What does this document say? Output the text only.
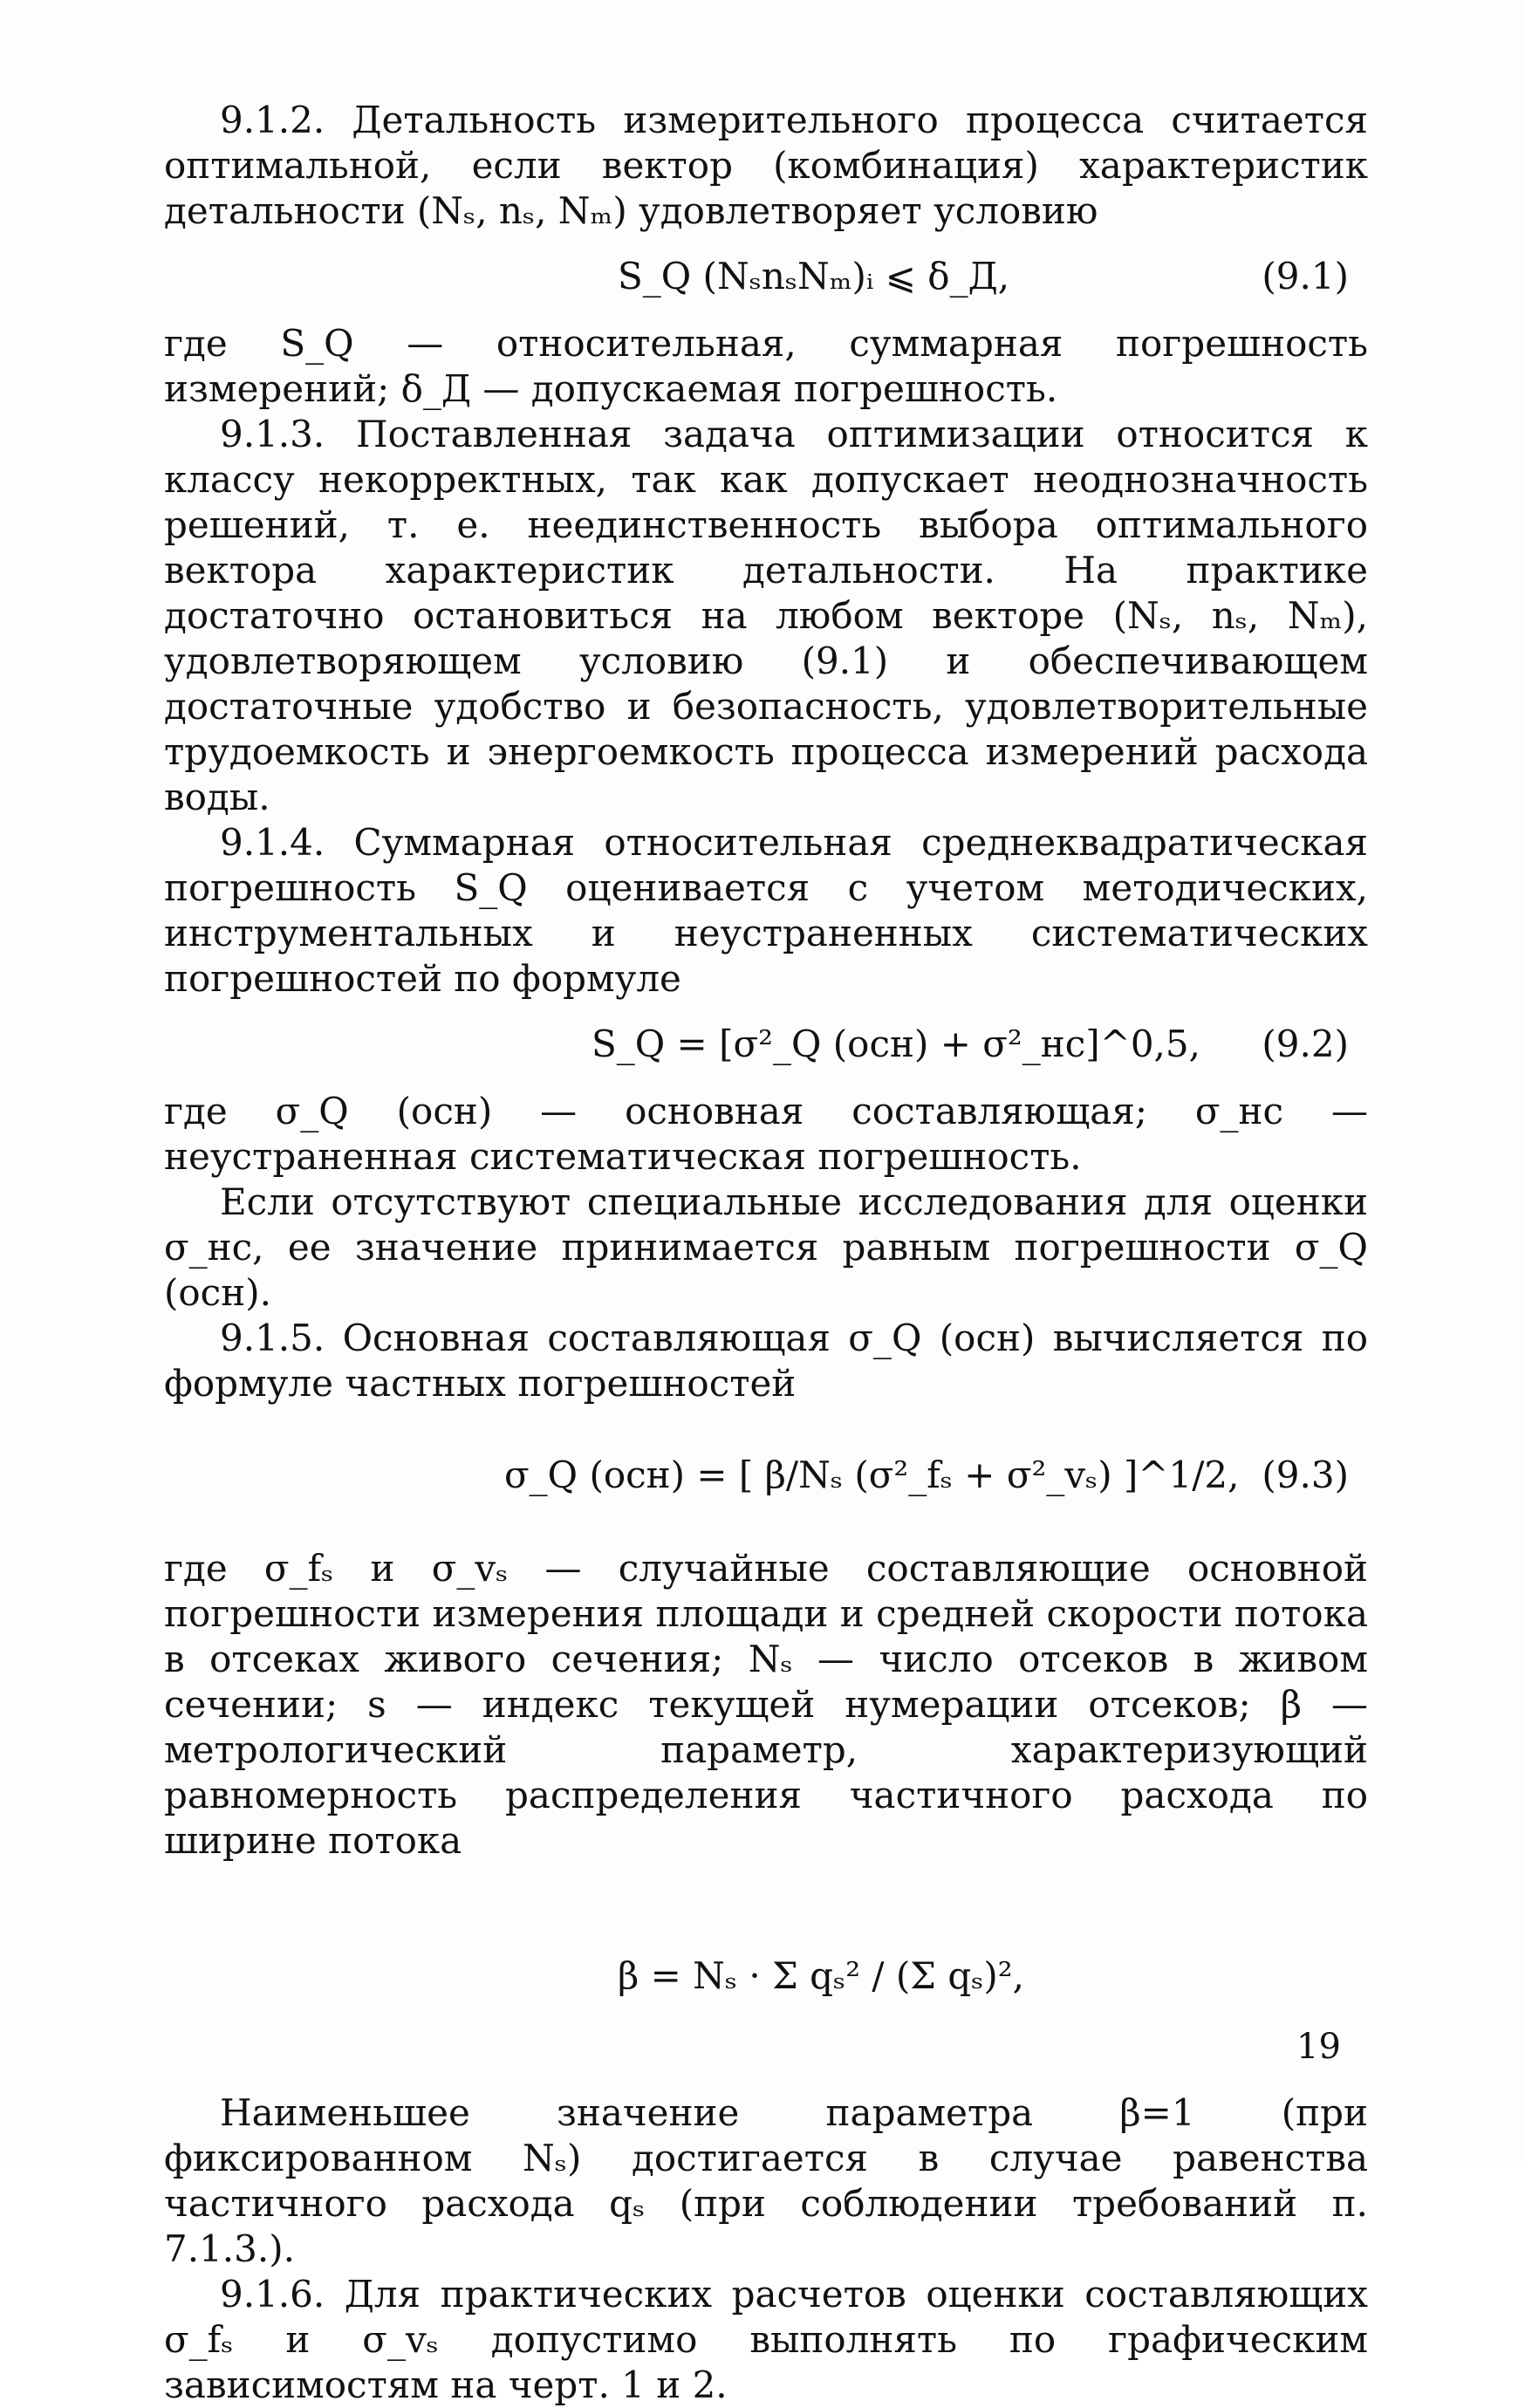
9.1.2. Детальность измерительного процесса считается оптимальной, если вектор (комбинация) характеристик детальности (Nₛ, nₛ, Nₘ) удовлетворяет условию

S_Q (NₛnₛNₘ)ᵢ ⩽ δ_Д,	(9.1)

где S_Q — относительная, суммарная погрешность измерений; δ_Д — допускаемая погрешность.

9.1.3. Поставленная задача оптимизации относится к классу некорректных, так как допускает неоднозначность решений, т. е. неединственность выбора оптимального вектора характеристик детальности. На практике достаточно остановиться на любом векторе (Nₛ, nₛ, Nₘ), удовлетворяющем условию (9.1) и обеспечивающем достаточные удобство и безопасность, удовлетворительные трудоемкость и энергоемкость процесса измерений расхода воды.

9.1.4. Суммарная относительная среднеквадратическая погрешность S_Q оценивается с учетом методических, инструментальных и неустраненных систематических погрешностей по формуле

S_Q = [σ²_Q (осн) + σ²_нс]^0,5, (9.2)

где σ_Q (осн) — основная составляющая; σ_нс — неустраненная систематическая погрешность.

Если отсутствуют специальные исследования для оценки σ_нс, ее значение принимается равным погрешности σ_Q (осн).

9.1.5. Основная составляющая σ_Q (осн) вычисляется по формуле частных погрешностей

σ_Q (осн) = [ β/Nₛ (σ²_fₛ + σ²_vₛ) ]^1/2, (9.3)

где σ_fₛ и σ_vₛ — случайные составляющие основной погрешности измерения площади и средней скорости потока в отсеках живого сечения; Nₛ — число отсеков в живом сечении; s — индекс текущей нумерации отсеков; β — метрологический параметр, характеризующий равномерность распределения частичного расхода по ширине потока

β = Nₛ · Σ qₛ² / (Σ qₛ)²,

Наименьшее значение параметра β=1 (при фиксированном Nₛ) достигается в случае равенства частичного расхода qₛ (при соблюдении требований п. 7.1.3.).

9.1.6. Для практических расчетов оценки составляющих σ_fₛ и σ_vₛ допустимо выполнять по графическим зависимостям на черт. 1 и 2.

19
